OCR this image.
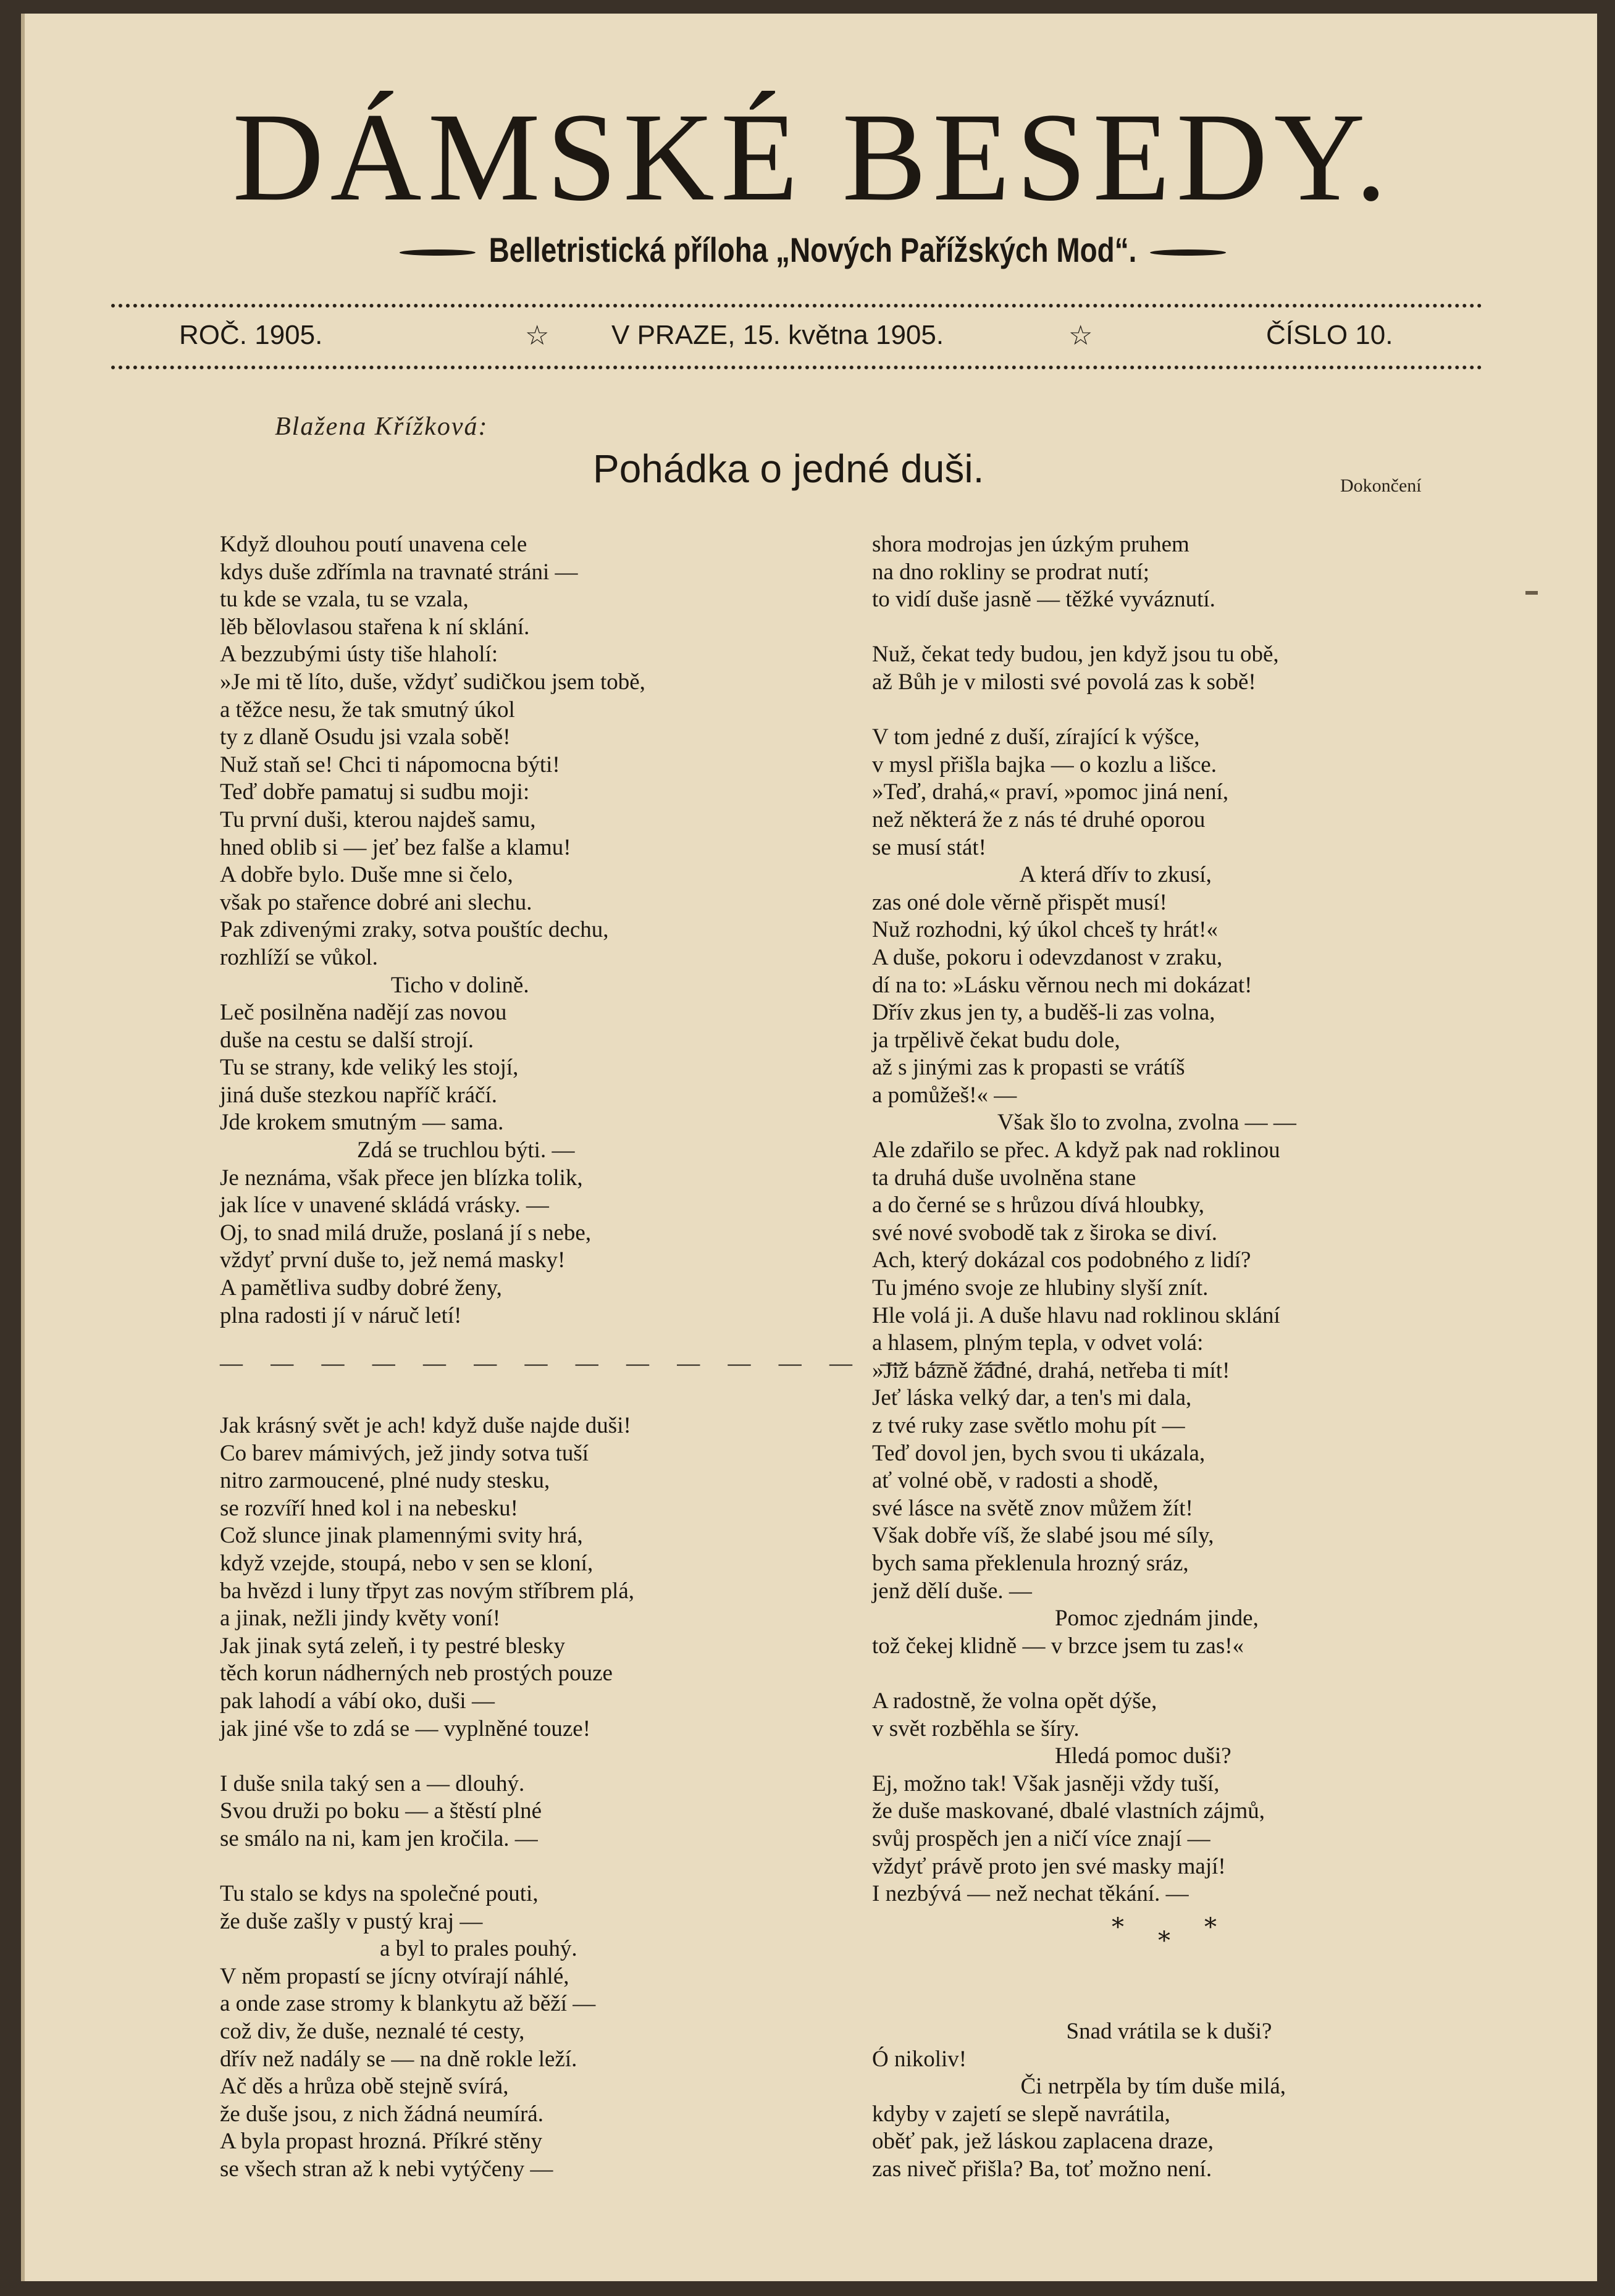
DÁMSKÉ BESEDY.
Belletristická příloha „Nových Pařížských Mod“.
ROČ. 1905.	☆ V PRAZE, 15. května 1905.	☆	ČÍSLO 10.
Blažena Křížková:
Pohádka o jedné duši.	Dokončení
Když dlouhou poutí unavena cele
kdys duše zdřímla na travnaté stráni —
tu kde se vzala, tu se vzala,
lěb bělovlasou stařena k ní sklání.
A bezzubými ústy tiše hlaholí:
»Je mi tě líto, duše, vždyť sudičkou jsem tobě,
a těžce nesu, že tak smutný úkol
ty z dlaně Osudu jsi vzala sobě!
Nuž staň se! Chci ti nápomocna býti!
Teď dobře pamatuj si sudbu moji:
Tu první duši, kterou najdeš samu,
hned oblib si — jeť bez falše a klamu!
A dobře bylo. Duše mne si čelo,
však po stařence dobré ani slechu.
Pak zdivenými zraky, sotva pouštíc dechu,
rozhlíží se vůkol.
Ticho v dolině.
Leč posilněna nadějí zas novou
duše na cestu se další strojí.
Tu se strany, kde veliký les stojí,
jiná duše stezkou napříč kráčí.
Jde krokem smutným — sama.
Zdá se truchlou býti. —
Je neznáma, však přece jen blízka tolik,
jak líce v unavené skládá vrásky. —
Oj, to snad milá druže, poslaná jí s nebe,
vždyť první duše to, jež nemá masky!
A pamětliva sudby dobré ženy,
plna radosti jí v náruč letí!
Jak krásný svět je ach! když duše najde duši!
Co barev mámivých, jež jindy sotva tuší
nitro zarmoucené, plné nudy stesku,
se rozvíří hned kol i na nebesku!
Což slunce jinak plamennými svity hrá,
když vzejde, stoupá, nebo v sen se kloní,
ba hvězd i luny třpyt zas novým stříbrem plá,
a jinak, nežli jindy květy voní!
Jak jinak sytá zeleň, i ty pestré blesky
těch korun nádherných neb prostých pouze
pak lahodí a vábí oko, duši —
jak jiné vše to zdá se — vyplněné touze!
I duše snila taký sen a — dlouhý.
Svou druži po boku — a štěstí plné
se smálo na ni, kam jen kročila. —
Tu stalo se kdys na společné pouti,
že duše zašly v pustý kraj —
a byl to prales pouhý.
V něm propastí se jícny otvírají náhlé,
a onde zase stromy k blankytu až běží —
což div, že duše, neznalé té cesty,
dřív než nadály se — na dně rokle leží.
Ač děs a hrůza obě stejně svírá,
že duše jsou, z nich žádná neumírá.
A byla propast hrozná. Příkré stěny
se všech stran až k nebi vytýčeny —
— — — — — — — — — — — — — — — —
shora modrojas jen úzkým pruhem
na dno rokliny se prodrat nutí;
to vidí duše jasně — těžké vyváznutí.
Nuž, čekat tedy budou, jen když jsou tu obě,
až Bůh je v milosti své povolá zas k sobě!
V tom jedné z duší, zírající k výšce,
v mysl přišla bajka — o kozlu a lišce.
»Teď, drahá,« praví, »pomoc jiná není,
než některá že z nás té druhé oporou
se musí stát!
A která dřív to zkusí,
zas oné dole věrně přispět musí!
Nuž rozhodni, ký úkol chceš ty hrát!«
A duše, pokoru i odevzdanost v zraku,
dí na to: »Lásku věrnou nech mi dokázat!
Dřív zkus jen ty, a buděš-li zas volna,
ja trpělivě čekat budu dole,
až s jinými zas k propasti se vrátíš
a pomůžeš!« —
Však šlo to zvolna, zvolna — —
Ale zdařilo se přec. A když pak nad roklinou
ta druhá duše uvolněna stane
a do černé se s hrůzou dívá hloubky,
své nové svobodě tak z široka se diví.
Ach, který dokázal cos podobného z lidí?
Tu jméno svoje ze hlubiny slyší znít.
Hle volá ji. A duše hlavu nad roklinou sklání
a hlasem, plným tepla, v odvet volá:
»Již bázně žádné, drahá, netřeba ti mít!
Jeť láska velký dar, a ten's mi dala,
z tvé ruky zase světlo mohu pít —
Teď dovol jen, bych svou ti ukázala,
ať volné obě, v radosti a shodě,
své lásce na světě znov můžem žít!
Však dobře víš, že slabé jsou mé síly,
bych sama překlenula hrozný sráz,
jenž dělí duše. —
Pomoc zjednám jinde,
tož čekej klidně — v brzce jsem tu zas!«
A radostně, že volna opět dýše,
v svět rozběhla se šíry.
Hledá pomoc duši?
Ej, možno tak! Však jasněji vždy tuší,
že duše maskované, dbalé vlastních zájmů,
svůj prospěch jen a ničí více znají —
vždyť právě proto jen své masky mají!
I nezbývá — než nechat těkání. —
Snad vrátila se k duši?
Ó nikoliv!
Či netrpěla by tím duše milá,
kdyby v zajetí se slepě navrátila,
oběť pak, jež láskou zaplacena draze,
zas niveč přišla? Ba, toť možno není.
* * *
